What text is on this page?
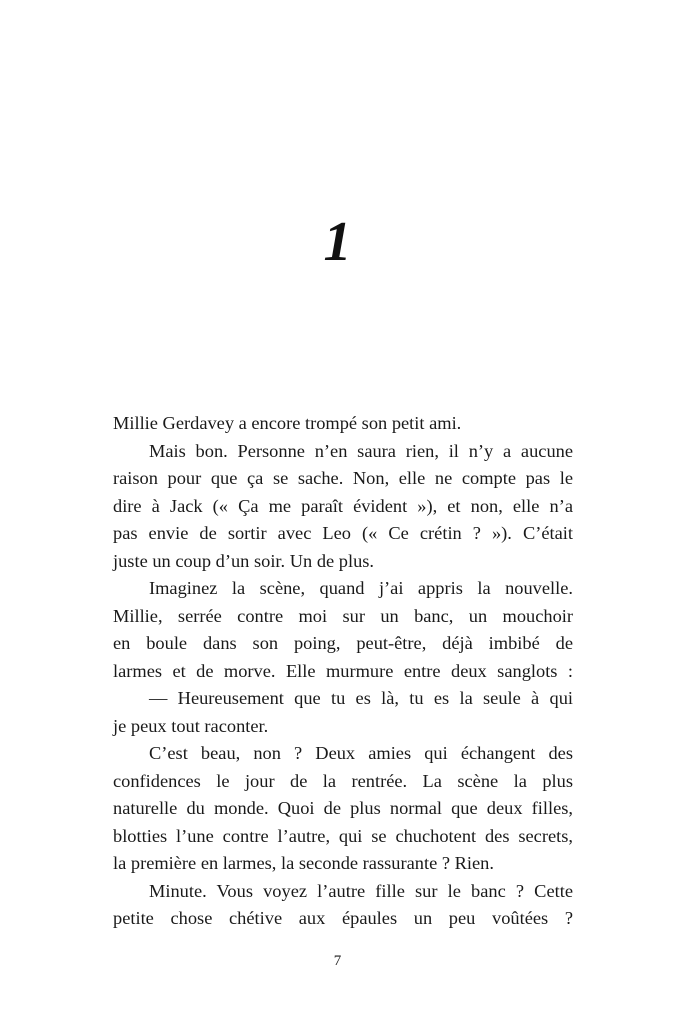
1
Millie Gerdavey a encore trompé son petit ami.
Mais bon. Personne n’en saura rien, il n’y a aucune
raison pour que ça se sache. Non, elle ne compte pas le
dire à Jack (« Ça me paraît évident »), et non, elle n’a
pas envie de sortir avec Leo (« Ce crétin ? »). C’était
juste un coup d’un soir. Un de plus.
Imaginez la scène, quand j’ai appris la nouvelle.
Millie, serrée contre moi sur un banc, un mouchoir
en boule dans son poing, peut-être, déjà imbibé de
larmes et de morve. Elle murmure entre deux sanglots :
— Heureusement que tu es là, tu es la seule à qui
je peux tout raconter.
C’est beau, non ? Deux amies qui échangent des
confidences le jour de la rentrée. La scène la plus
naturelle du monde. Quoi de plus normal que deux filles,
blotties l’une contre l’autre, qui se chuchotent des secrets,
la première en larmes, la seconde rassurante ? Rien.
Minute. Vous voyez l’autre fille sur le banc ? Cette
petite chose chétive aux épaules un peu voûtées ?
7
